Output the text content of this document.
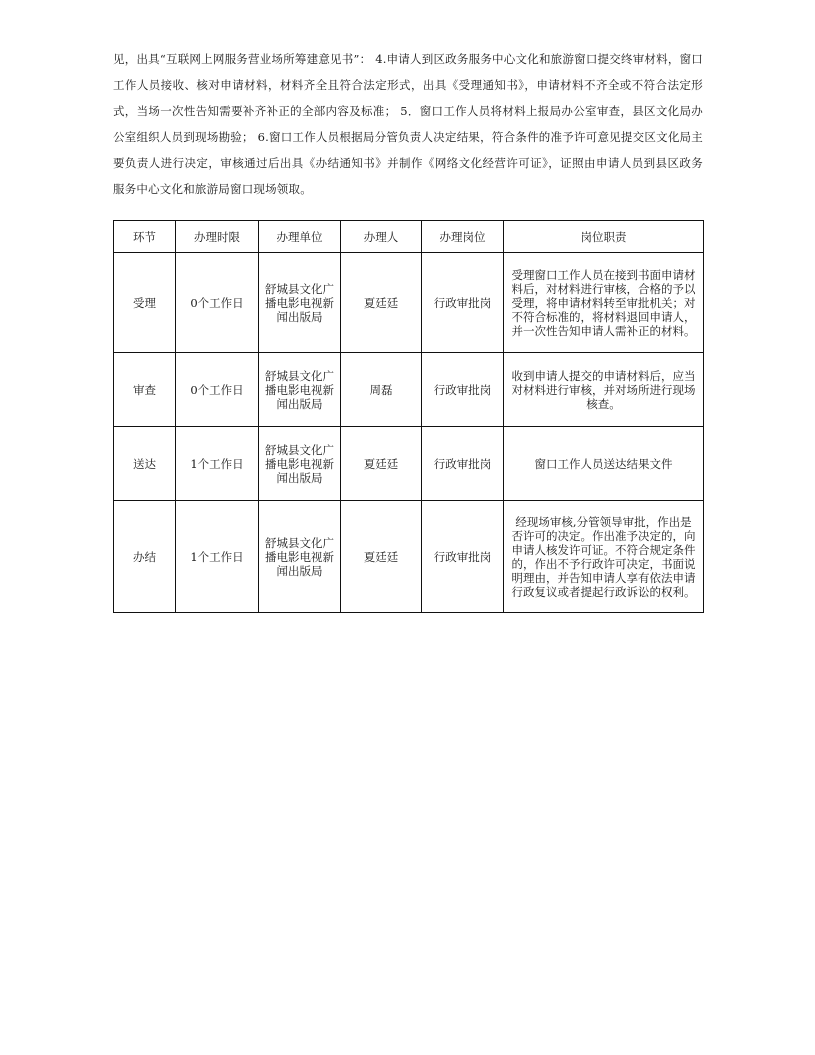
见，出具“互联网上网服务营业场所筹建意见书”： 4.申请人到区政务服务中心文化和旅游窗口提交终审材料，窗口工作人员接收、核对申请材料，材料齐全且符合法定形式，出具《受理通知书》，申请材料不齐全或不符合法定形式，当场一次性告知需要补齐补正的全部内容及标准； 5．窗口工作人员将材料上报局办公室审查，县区文化局办公室组织人员到现场勘验； 6.窗口工作人员根据局分管负责人决定结果，符合条件的准予许可意见提交区文化局主要负责人进行决定，审核通过后出具《办结通知书》并制作《网络文化经营许可证》，证照由申请人员到县区政务服务中心文化和旅游局窗口现场领取。
环节	办理时限	办理单位	办理人	办理岗位	岗位职责
受理	0个工作日	舒城县文化广播电影电视新闻出版局	夏廷廷	行政审批岗	受理窗口工作人员在接到书面申请材料后，对材料进行审核，合格的予以受理，将申请材料转至审批机关；对不符合标准的，将材料退回申请人，并一次性告知申请人需补正的材料。
审查	0个工作日	舒城县文化广播电影电视新闻出版局	周磊	行政审批岗	收到申请人提交的申请材料后，应当对材料进行审核，并对场所进行现场核查。
送达	1个工作日	舒城县文化广播电影电视新闻出版局	夏廷廷	行政审批岗	窗口工作人员送达结果文件
办结	1个工作日	舒城县文化广播电影电视新闻出版局	夏廷廷	行政审批岗	经现场审核,分管领导审批，作出是否许可的决定。作出准予决定的，向申请人核发许可证。不符合规定条件的，作出不予行政许可决定，书面说明理由，并告知申请人享有依法申请行政复议或者提起行政诉讼的权利。
